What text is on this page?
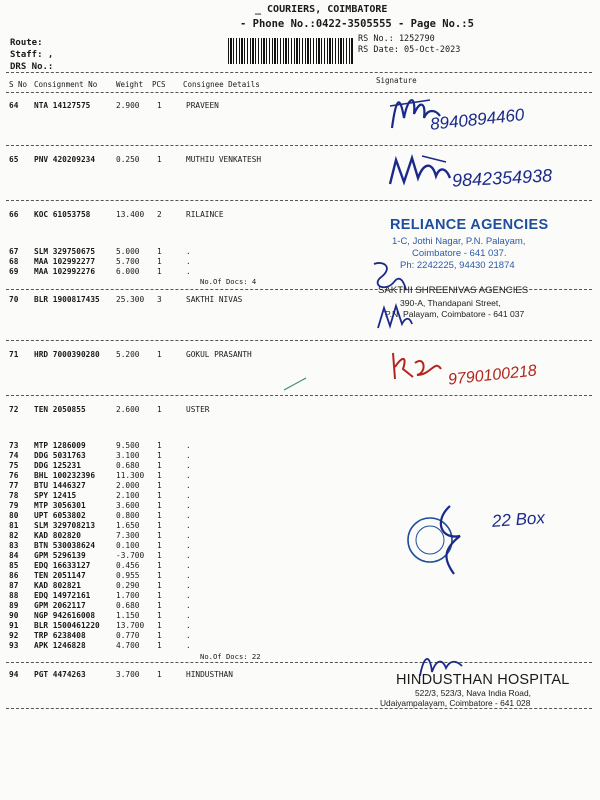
_ COURIERS, COIMBATORE
- Phone No.:0422-3505555 - Page No.:5
Route:
Staff: ,
DRS No.:
RS No.: 1252790
RS Date: 05-Oct-2023
S No Consignment No	Weight PCS Consignee Details	Signature
64 NTA 14127575	2.900 1	PRAVEEN
65 PNV 420209234	0.250 1	MUTHIU VENKATESH
66 KOC 61053758	13.400 2	RILAINCE
67 SLM 329750675	5.000 1	.
68 MAA 102992277	5.700 1	.
69 MAA 102992276	6.000 1	.
No.Of Docs: 4
70 BLR 1900817435 25.300 3	SAKTHI NIVAS
71 HRD 7000390280 5.200 1	GOKUL PRASANTH
72 TEN 2050855	2.600 1	USTER
73 MTP 1286009	9.500 1	.
74 DDG 5031763	3.100 1	.
75 DDG 125231	0.680 1	.
76 BHL 100232396	11.300 1	.
77 BTU 1446327	2.000 1	.
78 SPY 12415	2.100 1	.
79 MTP 3056301	3.600 1	.
80 UPT 6053802	0.800 1	.
81 SLM 329708213	1.650 1	.
82 KAD 802820	7.300 1	.
83 BTN 530038624	0.100 1	.
84 GPM 5296139	-3.700 1	.
85 EDQ 16633127	0.456 1	.
86 TEN 2051147	0.955 1	.
87 KAD 802821	0.290 1	.
88 EDQ 14972161	1.700 1	.
89 GPM 2062117	0.680 1	.
90 NGP 942616008	1.150 1	.
91 BLR 1500461220 13.700 1	.
92 TRP 6238408	0.770 1	.
93 APK 1246828	4.700 1	.
No.Of Docs: 22
94 PGT 4474263	3.700 1	HINDUSTHAN
RELIANCE AGENCIES
1-C, Jothi Nagar, P.N. Palayam,
Coimbatore - 641 037.
Ph: 2242225, 94430 21874
SAKTHI SHREENIVAS AGENCIES
390-A, Thandapani Street,
P.N. Palayam, Coimbatore - 641 037
HINDUSTHAN HOSPITAL
522/3, 523/3, Nava India Road,
Udaiyampalayam, Coimbatore - 641 028
8940894460
9842354938
9790100218
22 Box
